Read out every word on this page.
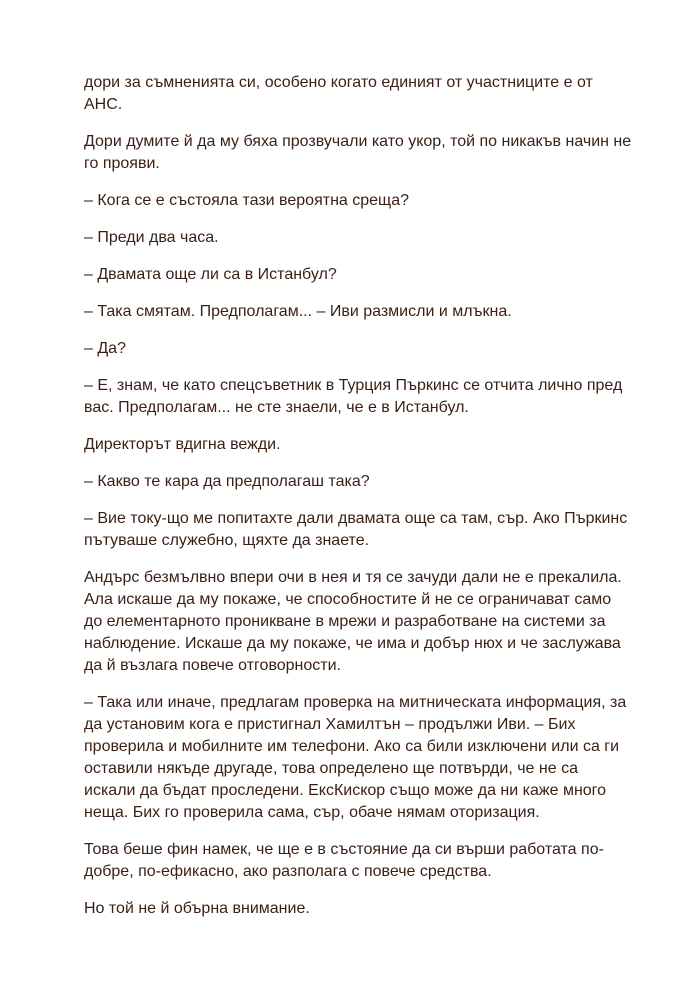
дори за съмненията си, особено когато единият от участниците е от АНС.

Дори думите й да му бяха прозвучали като укор, той по никакъв начин не го прояви.

– Кога се е състояла тази вероятна среща?

– Преди два часа.

– Двамата още ли са в Истанбул?

– Така смятам. Предполагам... – Иви размисли и млъкна.

– Да?

– Е, знам, че като спецсъветник в Турция Пъркинс се отчита лично пред вас. Предполагам... не сте знаели, че е в Истанбул.

Директорът вдигна вежди.

– Какво те кара да предполагаш така?

– Вие току-що ме попитахте дали двамата още са там, сър. Ако Пъркинс пътуваше служебно, щяхте да знаете.

Андърс безмълвно впери очи в нея и тя се зачуди дали не е прекалила. Ала искаше да му покаже, че способностите й не се ограничават само до елементарното проникване в мрежи и разработване на системи за наблюдение. Искаше да му покаже, че има и добър нюх и че заслужава да й възлага повече отговорности.

– Така или иначе, предлагам проверка на митническата информация, за да установим кога е пристигнал Хамилтън – продължи Иви. – Бих проверила и мобилните им телефони. Ако са били изключени или са ги оставили някъде другаде, това определено ще потвърди, че не са искали да бъдат проследени. ЕксКискор също може да ни каже много неща. Бих го проверила сама, сър, обаче нямам оторизация.

Това беше фин намек, че ще е в състояние да си върши работата по-добре, по-ефикасно, ако разполага с повече средства.

Но той не й обърна внимание.
